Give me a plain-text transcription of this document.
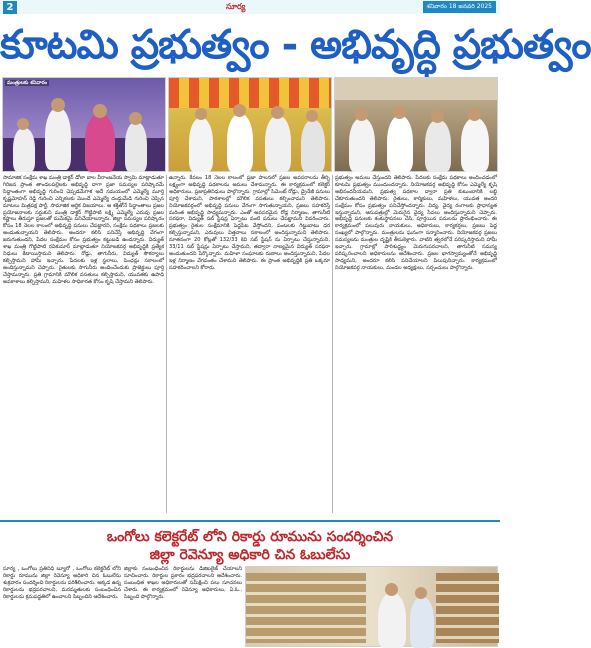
2	సూర్య	శనివారం 18 జనవరి 2025
కూటమి ప్రభుత్వం - అభివృద్ధి ప్రభుత్వం
మంత్రులకు శనివారం
సామాజిక సంక్షేమ శాఖ మంత్రి డాక్టర్ డోలా బాల వీరాంజనేయ స్వామి మాట్లాడుతూ గిరిజన ప్రాంత తాండలపల్లెలకు అభివృద్ధి దాగా ప్రజా సమస్యల పరిష్కారమే సిద్ధాంతంగా అభివృద్ధి గురించి చెప్పడమేగాక అదే సమయంలో ఎమ్మెల్యే మూర్తి కృష్ణమోహన్ రెడ్డి గురించి ఎన్నికలకు మొందే ఎమ్మెల్యే దంధ్లుమేడి గురించి చెప్పిన మాటలు మిత్రపక్ష పార్టీ, సామాజిక ఆర్థిక విజయాలు. ఆ శక్తితోనే సిద్ధాంతాలు ప్రజల ప్రయోజనాలకు సర్దుకుని మంత్రి డాక్టర్ గొట్టిపాటి లక్ష్మి ఎమ్మెల్యే ఎరువు ప్రజల కష్టాలు తీరుస్తూ ప్రజలతో మమేకమై పనిచేయాలన్నారు. జిల్లా సమస్యల పరిష్కారం కోసం 18 నెలల కాలంలో అభివృద్ధి పనులు చేపట్టారని, సంక్షేమ పథకాలు ప్రజలకు అందుతున్నాయని తెలిపారు. అందరూ కలిసి పనిచేస్తే అభివృద్ధి వేగంగా జరుగుతుందని, పేదల సంక్షేమం కోసం ప్రభుత్వం కట్టుబడి ఉందన్నారు. విద్యుత్ శాఖ మంత్రి గొట్టిపాటి రవికుమార్ మాట్లాడుతూ నియోజకవర్గ అభివృద్ధికి ప్రత్యేక నిధులు కేటాయిస్తామని తెలిపారు. రోడ్లు, తాగునీరు, విద్యుత్ సౌకర్యాలు కల్పిస్తామని హామీ ఇచ్చారు. పేదలకు ఇళ్ల స్థలాలు, పింఛన్లు సకాలంలో అందిస్తున్నామని చెప్పారు. రైతులకు సాగునీరు అందించేందుకు ప్రాజెక్టులు పూర్తి చేస్తామన్నారు. ప్రతి గ్రామానికి మౌలిక వసతులు కల్పిస్తామని, యువతకు ఉపాధి అవకాశాలు కల్పిస్తామని, మహిళల సాధికారత కోసం కృషి చేస్తామని తెలిపారు.
ఉన్నారు. కేవలం 18 నెలల కాలంలో ప్రజా పాలనలో ప్రజల అవసరాలను తీర్చి లక్ష్యంగా అభివృద్ధి పథకాలను అమలు చేశామన్నారు. ఈ కార్యక్రమంలో కలెక్టర్ అధికారులు, ప్రజాప్రతినిధులు పాల్గొన్నారు. గ్రామాల్లో సిమెంట్ రోడ్లు, డ్రైనేజీ పనులు పూర్తి చేశామని, పాఠశాలల్లో మౌలిక వసతులు కల్పించామని తెలిపారు. నియోజకవర్గంలో అభివృద్ధి పనులు వేగంగా సాగుతున్నాయని, ప్రజలు సహకరిస్తే మరింత అభివృద్ధి సాధ్యమన్నారు. ఎంతో అవసరమైన రోడ్ల నిర్మాణం, తాగునీటి సరఫరా, విద్యుత్ సబ్ స్టేషన్ల ఏర్పాటు వంటి పనులు చేపట్టామని వివరించారు. ప్రభుత్వం రైతుల సంక్షేమానికి పెద్దపీట వేస్తోందని, పంటలకు గిట్టుబాటు ధర కల్పిస్తున్నామని, ఎరువులు విత్తనాలు సకాలంలో అందిస్తున్నామని తెలిపారు. నూతనంగా 20 కోట్లతో 132/33 కెవి సబ్ స్టేషన్ ను ఏర్పాటు చేస్తున్నామని, 33/11 సబ్ స్టేషన్లు ఏర్పాటు చేస్తామని, తద్వారా నాణ్యమైన విద్యుత్ సరఫరా అందుతుందని పేర్కొన్నారు. మహిళా సంఘాలకు రుణాలు అందిస్తున్నామని, పేదల ఇళ్ల నిర్మాణం వేగవంతం చేశామని తెలిపారు. ఈ ప్రాంత అభివృద్ధికి ప్రతి ఒక్కరూ సహకరించాలని కోరారు.
ప్రభుత్వం అమలు చేస్తుందని తెలిపారు. పేదలకు సంక్షేమ పథకాలు అందించడంలో కూటమి ప్రభుత్వం ముందుందన్నారు. నియోజకవర్గ అభివృద్ధి కోసం ఎమ్మెల్యే కృషి అభినందనీయమని, ప్రభుత్వ పథకాల ద్వారా ప్రతి కుటుంబానికి లబ్ధి చేకూరుతుందని తెలిపారు. రైతులు, కార్మికులు, మహిళలు, యువత అందరి సంక్షేమం కోసం ప్రభుత్వం పనిచేస్తోందన్నారు. విద్య, వైద్య రంగాలకు ప్రాధాన్యత ఇస్తున్నామని, ఆసుపత్రుల్లో మెరుగైన వైద్య సేవలు అందిస్తున్నామని చెప్పారు. అభివృద్ధి పనులకు శంకుస్థాపనలు చేసి, పూర్తయిన పనులను ప్రారంభించారు. ఈ కార్యక్రమంలో పలువురు నాయకులు, అధికారులు, కార్యకర్తలు, ప్రజలు పెద్ద సంఖ్యలో పాల్గొన్నారు. మంత్రులను ఘనంగా సన్మానించారు. నియోజకవర్గ ప్రజలు సమస్యలను మంత్రుల దృష్టికి తీసుకెళ్లారు. వాటిని త్వరలోనే పరిష్కరిస్తామని హామీ ఇచ్చారు. గ్రామాల్లో పారిశుద్ధ్యం మెరుగుపరచాలని, తాగునీటి సమస్య పరిష్కరించాలని అధికారులను ఆదేశించారు. ప్రజల భాగస్వామ్యంతోనే అభివృద్ధి సాధ్యమని, అందరూ కలిసి పనిచేయాలని పిలుపునిచ్చారు. కార్యక్రమంలో నియోజకవర్గ నాయకులు, మండల అధ్యక్షులు, సర్పంచులు పాల్గొన్నారు.
ఒంగోలు కలెక్టరేట్ లోని రికార్డు రూమును సందర్శించిన
జిల్లా రెవెన్యూ అధికారి చిన ఓబులేసు
సూర్య , ఒంగోలు ప్రతినిధి బ్యూరో , ఒంగోలు కలెక్టరేట్ లోని రికార్డు రూమును జిల్లా రెవెన్యూ అధికారి చిన ఓబులేసు శుక్రవారం సందర్శించి రికార్డులను పరిశీలించారు. అక్కడ ఉన్న రికార్డులను భద్రపరచాలని, మరమ్మతులకు సంబంధించిన రికార్డులను క్రమపద్ధతిలో ఉంచాలని సిబ్బందిని ఆదేశించారు.
జిల్లాకు సంబంధించిన రికార్డులను డిజిటలైజ్ చేయాలని సూచించారు. రికార్డుల ప్రకారం భద్రపరచాలని ఆదేశించారు. సంబంధిత శాఖల అధికారులతో సమీక్షించి పలు సూచనలు చేశారు. ఈ కార్యక్రమంలో రెవెన్యూ అధికారులు, ఏ.ఓ., సిబ్బంది పాల్గొన్నారు.
